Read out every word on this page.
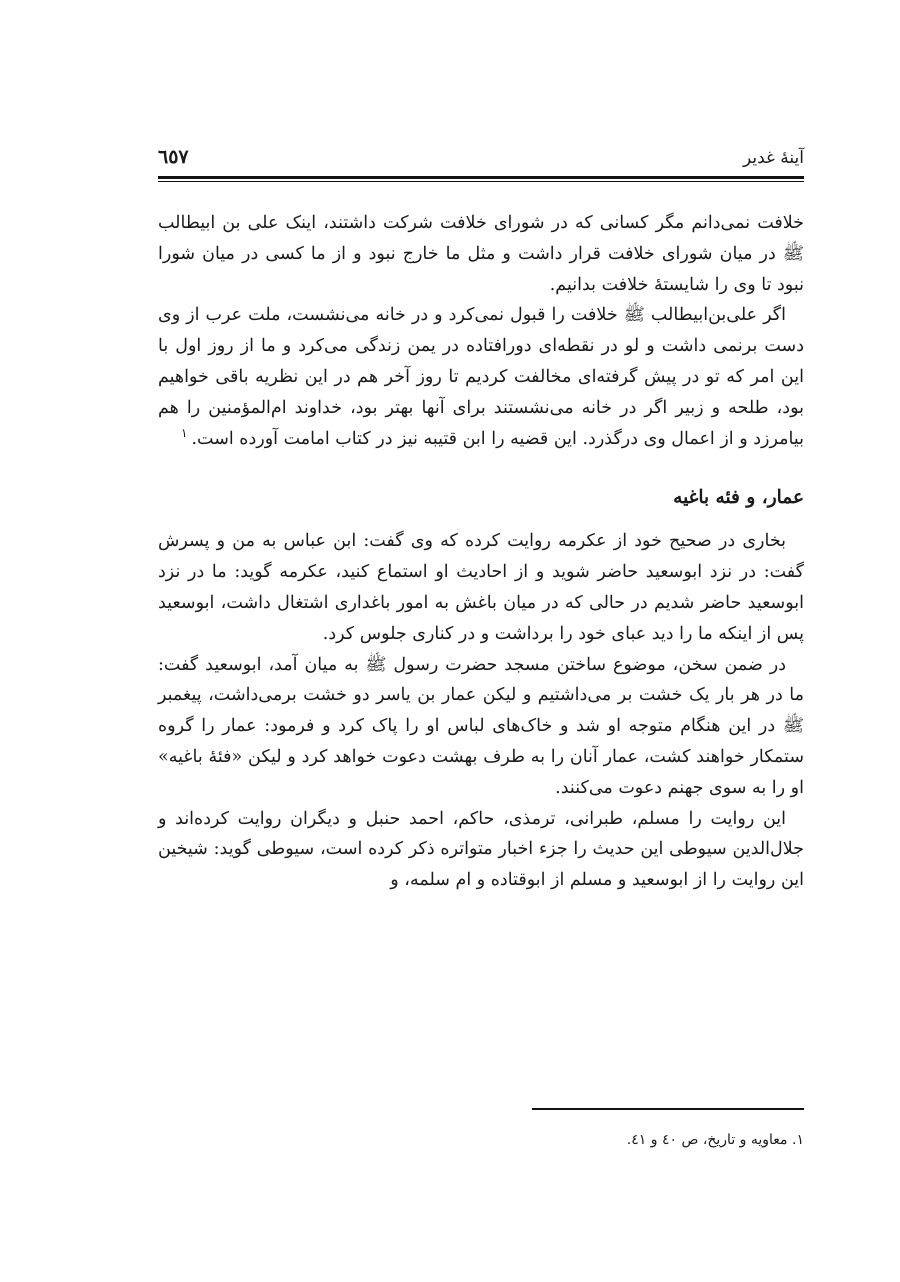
آینهٔ غدیر
٦٥٧

خلافت نمی‌دانم مگر کسانی که در شورای خلافت شرکت داشتند، اینک علی بن ابیطالب ﷺ در میان شورای خلافت قرار داشت و مثل ما خارج نبود و از ما کسی در میان شورا نبود تا وی را شایستهٔ خلافت بدانیم.

اگر علی‌بن‌ابیطالب ﷺ خلافت را قبول نمی‌کرد و در خانه می‌نشست، ملت عرب از وی دست برنمی داشت و لو در نقطه‌ای دورافتاده در یمن زندگی می‌کرد و ما از روز اول با این امر که تو در پیش گرفته‌ای مخالفت کردیم تا روز آخر هم در این نظریه باقی خواهیم بود، طلحه و زبیر اگر در خانه می‌نشستند برای آنها بهتر بود، خداوند ام‌المؤمنین را هم بیامرزد و از اعمال وی درگذرد. این قضیه را ابن قتیبه نیز در کتاب امامت آورده است.$^١$

عمار، و فئه باغیه

بخاری در صحیح خود از عکرمه روایت کرده که وی گفت: ابن عباس به من و پسرش گفت: در نزد ابوسعید حاضر شوید و از احادیث او استماع کنید، عکرمه گوید: ما در نزد ابوسعید حاضر شدیم در حالی که در میان باغش به امور باغداری اشتغال داشت، ابوسعید پس از اینکه ما را دید عبای خود را برداشت و در کناری جلوس کرد.

در ضمن سخن، موضوع ساختن مسجد حضرت رسول ﷺ به میان آمد، ابوسعید گفت: ما در هر بار یک خشت بر می‌داشتیم و لیکن عمار بن یاسر دو خشت برمی‌داشت، پیغمبر ﷺ در این هنگام متوجه او شد و خاک‌های لباس او را پاک کرد و فرمود: عمار را گروه ستمکار خواهند کشت، عمار آنان را به طرف بهشت دعوت خواهد کرد و لیکن «فئهٔ باغیه» او را به سوی جهنم دعوت می‌کنند.

این روایت را مسلم، طبرانی، ترمذی، حاکم، احمد حنبل و دیگران روایت کرده‌اند و جلال‌الدین سیوطی این حدیث را جزء اخبار متواتره ذکر کرده است، سیوطی گوید: شیخین این روایت را از ابوسعید و مسلم از ابوقتاده و ام سلمه، و

١. معاویه و تاریخ، ص ٤٠ و ٤١.
